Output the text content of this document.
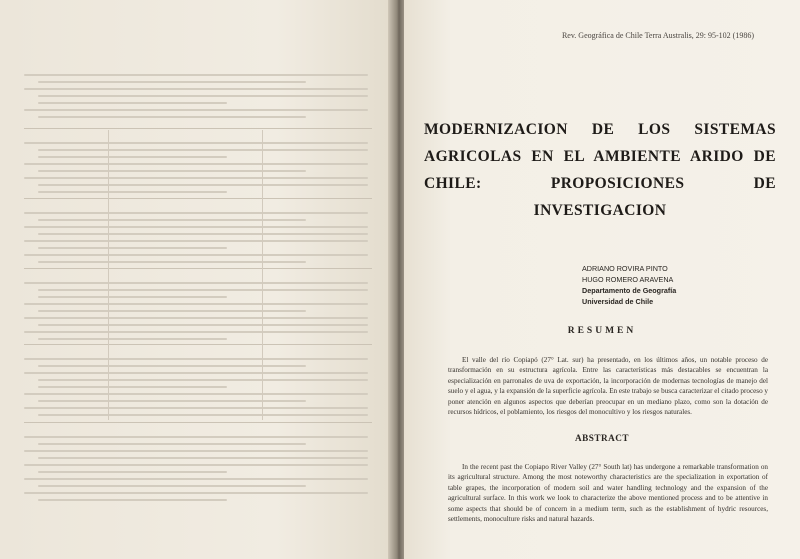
Rev. Geográfica de Chile Terra Australis, 29: 95-102 (1986)
MODERNIZACION DE LOS SISTEMAS AGRICOLAS EN EL AMBIENTE ARIDO DE CHILE: PROPOSICIONES DE INVESTIGACION
ADRIANO ROVIRA PINTO
HUGO ROMERO ARAVENA
Departamento de Geografía
Universidad de Chile
RESUMEN
El valle del río Copiapó (27° Lat. sur) ha presentado, en los últimos años, un notable proceso de transformación en su estructura agrícola. Entre las características más destacables se encuentran la especialización en parronales de uva de exportación, la incorporación de modernas tecnologías de manejo del suelo y el agua, y la expansión de la superficie agrícola. En este trabajo se busca caracterizar el citado proceso y poner atención en algunos aspectos que deberían preocupar en un mediano plazo, como son la dotación de recursos hídricos, el poblamiento, los riesgos del monocultivo y los riesgos naturales.
ABSTRACT
In the recent past the Copiapo River Valley (27° South lat) has undergone a remarkable transformation on its agricultural structure. Among the most noteworthy characteristics are the specialization in exportation of table grapes, the incorporation of modern soil and water handling technology and the expansion of the agricultural surface. In this work we look to characterize the above mentioned process and to be attentive in some aspects that should be of concern in a medium term, such as the establishment of hydric resources, settlements, monoculture risks and natural hazards.
